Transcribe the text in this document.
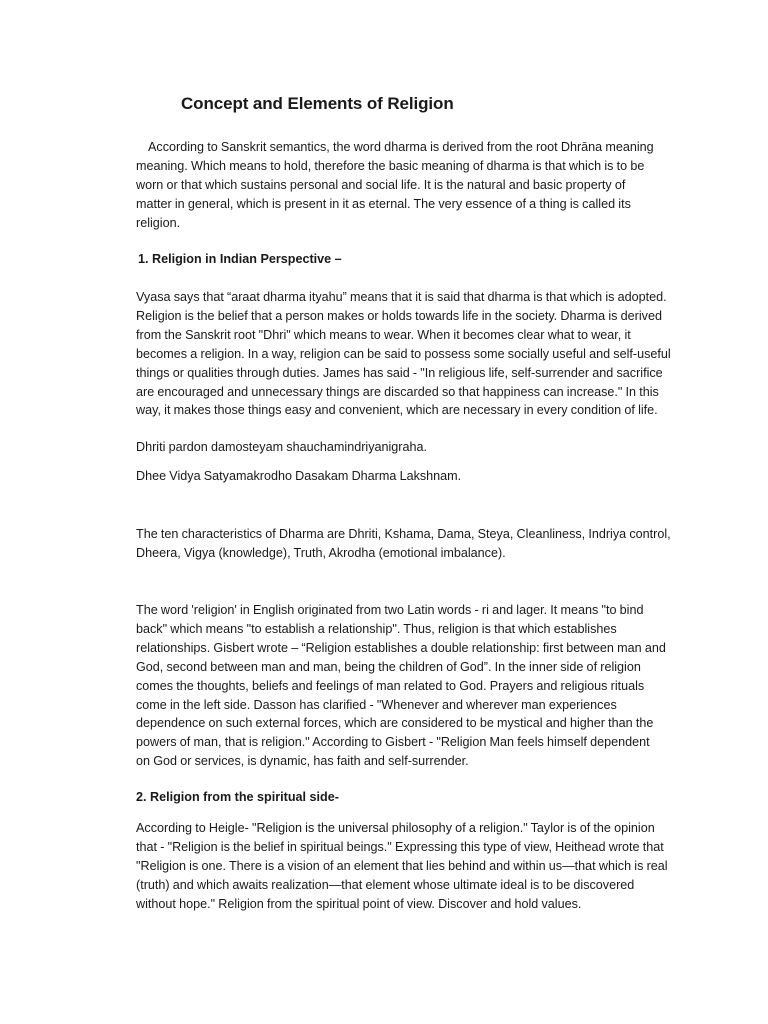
Concept and Elements of Religion

According to Sanskrit semantics, the word dharma is derived from the root Dhrāna meaning
meaning. Which means to hold, therefore the basic meaning of dharma is that which is to be
worn or that which sustains personal and social life. It is the natural and basic property of
matter in general, which is present in it as eternal. The very essence of a thing is called its
religion.

1. Religion in Indian Perspective –

Vyasa says that “araat dharma ityahu” means that it is said that dharma is that which is adopted.
Religion is the belief that a person makes or holds towards life in the society. Dharma is derived
from the Sanskrit root "Dhri" which means to wear. When it becomes clear what to wear, it
becomes a religion. In a way, religion can be said to possess some socially useful and self-useful
things or qualities through duties. James has said - "In religious life, self-surrender and sacrifice
are encouraged and unnecessary things are discarded so that happiness can increase." In this
way, it makes those things easy and convenient, which are necessary in every condition of life.

Dhriti pardon damosteyam shauchamindriyanigraha.

Dhee Vidya Satyamakrodho Dasakam Dharma Lakshnam.

The ten characteristics of Dharma are Dhriti, Kshama, Dama, Steya, Cleanliness, Indriya control,
Dheera, Vigya (knowledge), Truth, Akrodha (emotional imbalance).

The word 'religion' in English originated from two Latin words - ri and lager. It means "to bind
back" which means "to establish a relationship". Thus, religion is that which establishes
relationships. Gisbert wrote – “Religion establishes a double relationship: first between man and
God, second between man and man, being the children of God”. In the inner side of religion
comes the thoughts, beliefs and feelings of man related to God. Prayers and religious rituals
come in the left side. Dasson has clarified - "Whenever and wherever man experiences
dependence on such external forces, which are considered to be mystical and higher than the
powers of man, that is religion." According to Gisbert - "Religion Man feels himself dependent
on God or services, is dynamic, has faith and self-surrender.

2. Religion from the spiritual side-

According to Heigle- "Religion is the universal philosophy of a religion." Taylor is of the opinion
that - "Religion is the belief in spiritual beings." Expressing this type of view, Heithead wrote that
"Religion is one. There is a vision of an element that lies behind and within us—that which is real
(truth) and which awaits realization—that element whose ultimate ideal is to be discovered
without hope." Religion from the spiritual point of view. Discover and hold values.
